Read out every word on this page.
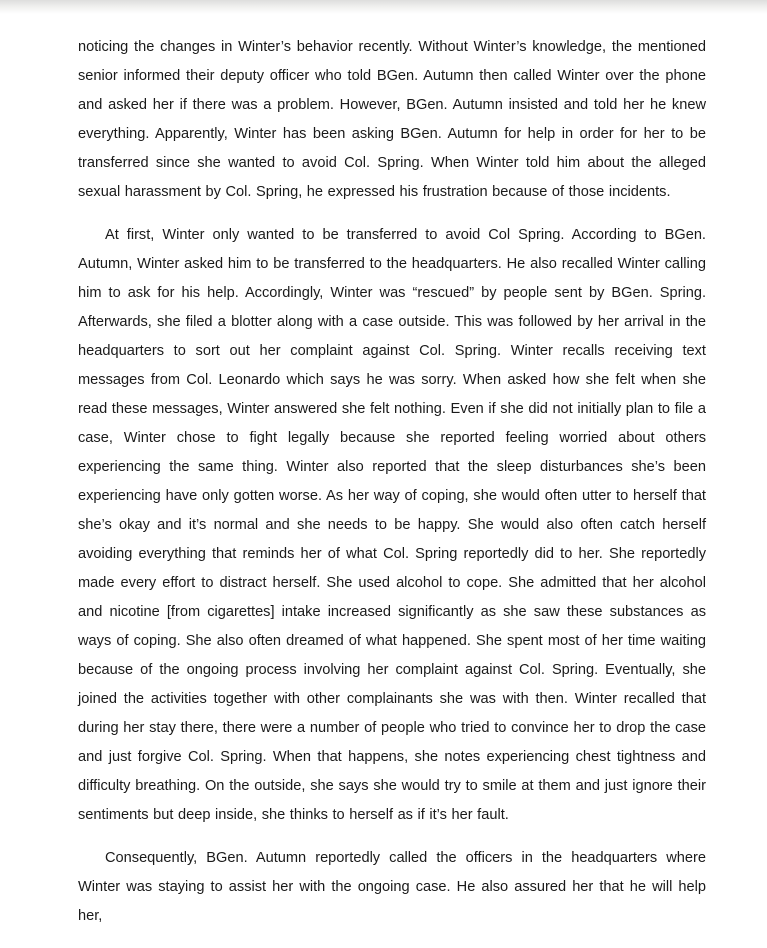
noticing the changes in Winter’s behavior recently. Without Winter’s knowledge, the mentioned senior informed their deputy officer who told BGen. Autumn then called Winter over the phone and asked her if there was a problem. However, BGen. Autumn insisted and told her he knew everything. Apparently, Winter has been asking BGen. Autumn for help in order for her to be transferred since she wanted to avoid Col. Spring. When Winter told him about the alleged sexual harassment by Col. Spring, he expressed his frustration because of those incidents.

At first, Winter only wanted to be transferred to avoid Col Spring. According to BGen. Autumn, Winter asked him to be transferred to the headquarters. He also recalled Winter calling him to ask for his help. Accordingly, Winter was “rescued” by people sent by BGen. Spring. Afterwards, she filed a blotter along with a case outside. This was followed by her arrival in the headquarters to sort out her complaint against Col. Spring. Winter recalls receiving text messages from Col. Leonardo which says he was sorry. When asked how she felt when she read these messages, Winter answered she felt nothing. Even if she did not initially plan to file a case, Winter chose to fight legally because she reported feeling worried about others experiencing the same thing. Winter also reported that the sleep disturbances she’s been experiencing have only gotten worse. As her way of coping, she would often utter to herself that she’s okay and it’s normal and she needs to be happy. She would also often catch herself avoiding everything that reminds her of what Col. Spring reportedly did to her. She reportedly made every effort to distract herself. She used alcohol to cope. She admitted that her alcohol and nicotine [from cigarettes] intake increased significantly as she saw these substances as ways of coping. She also often dreamed of what happened. She spent most of her time waiting because of the ongoing process involving her complaint against Col. Spring. Eventually, she joined the activities together with other complainants she was with then. Winter recalled that during her stay there, there were a number of people who tried to convince her to drop the case and just forgive Col. Spring. When that happens, she notes experiencing chest tightness and difficulty breathing. On the outside, she says she would try to smile at them and just ignore their sentiments but deep inside, she thinks to herself as if it’s her fault.

Consequently, BGen. Autumn reportedly called the officers in the headquarters where Winter was staying to assist her with the ongoing case. He also assured her that he will help her,
